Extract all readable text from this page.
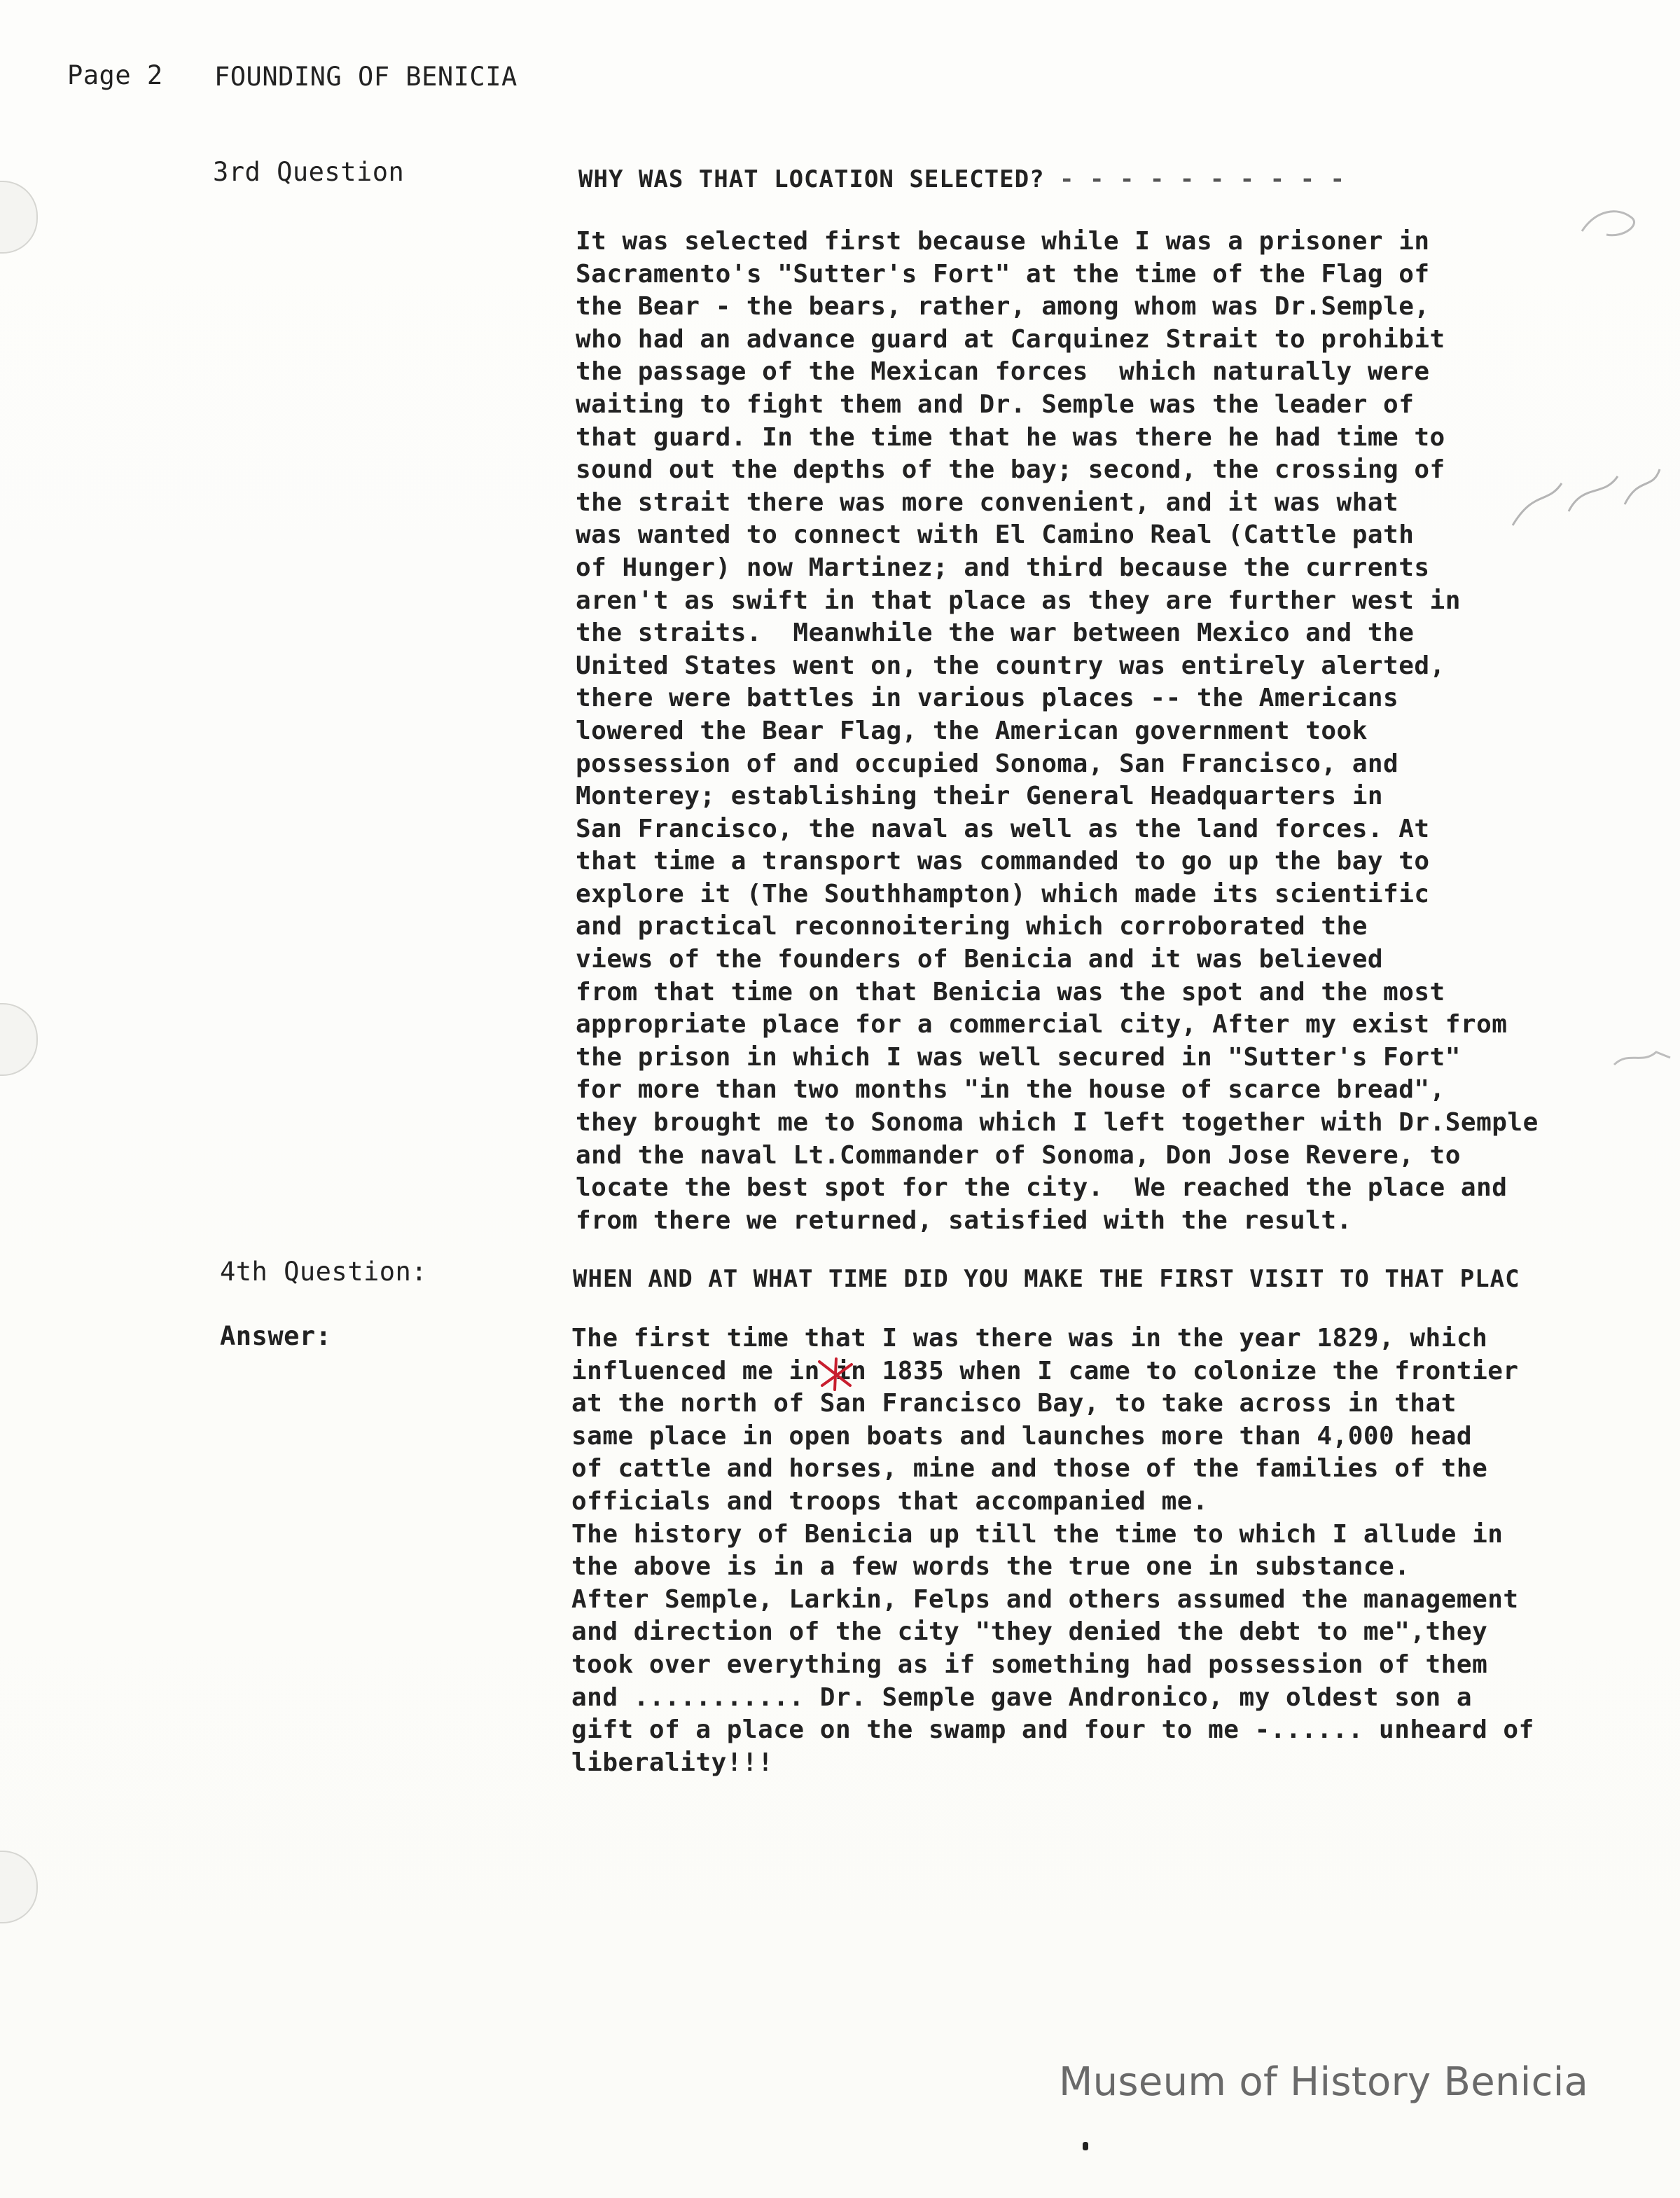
Page 2 FOUNDING OF BENICIA
3rd Question	WHY WAS THAT LOCATION SELECTED? - - - - - - - - - -
It was selected first because while I was a prisoner in
Sacramento's "Sutter's Fort" at the time of the Flag of
the Bear - the bears, rather, among whom was Dr.Semple,
who had an advance guard at Carquinez Strait to prohibit
the passage of the Mexican forces  which naturally were
waiting to fight them and Dr. Semple was the leader of
that guard. In the time that he was there he had time to
sound out the depths of the bay; second, the crossing of
the strait there was more convenient, and it was what
was wanted to connect with El Camino Real (Cattle path
of Hunger) now Martinez; and third because the currents
aren't as swift in that place as they are further west in
the straits.  Meanwhile the war between Mexico and the
United States went on, the country was entirely alerted,
there were battles in various places -- the Americans
lowered the Bear Flag, the American government took
possession of and occupied Sonoma, San Francisco, and
Monterey; establishing their General Headquarters in
San Francisco, the naval as well as the land forces. At
that time a transport was commanded to go up the bay to
explore it (The Southhampton) which made its scientific
and practical reconnoitering which corroborated the
views of the founders of Benicia and it was believed
from that time on that Benicia was the spot and the most
appropriate place for a commercial city, After my exist from
the prison in which I was well secured in "Sutter's Fort"
for more than two months "in the house of scarce bread",
they brought me to Sonoma which I left together with Dr.Semple
and the naval Lt.Commander of Sonoma, Don Jose Revere, to
locate the best spot for the city.  We reached the place and
from there we returned, satisfied with the result.
4th Question:	WHEN AND AT WHAT TIME DID YOU MAKE THE FIRST VISIT TO THAT PLAC
Answer:	The first time that I was there was in the year 1829, which
influenced me in in 1835 when I came to colonize the frontier
at the north of San Francisco Bay, to take across in that
same place in open boats and launches more than 4,000 head
of cattle and horses, mine and those of the families of the
officials and troops that accompanied me.
The history of Benicia up till the time to which I allude in
the above is in a few words the true one in substance.
After Semple, Larkin, Felps and others assumed the management
and direction of the city "they denied the debt to me",they
took over everything as if something had possession of them
and ........... Dr. Semple gave Andronico, my oldest son a
gift of a place on the swamp and four to me -...... unheard of
liberality!!!
Museum of History Benicia
